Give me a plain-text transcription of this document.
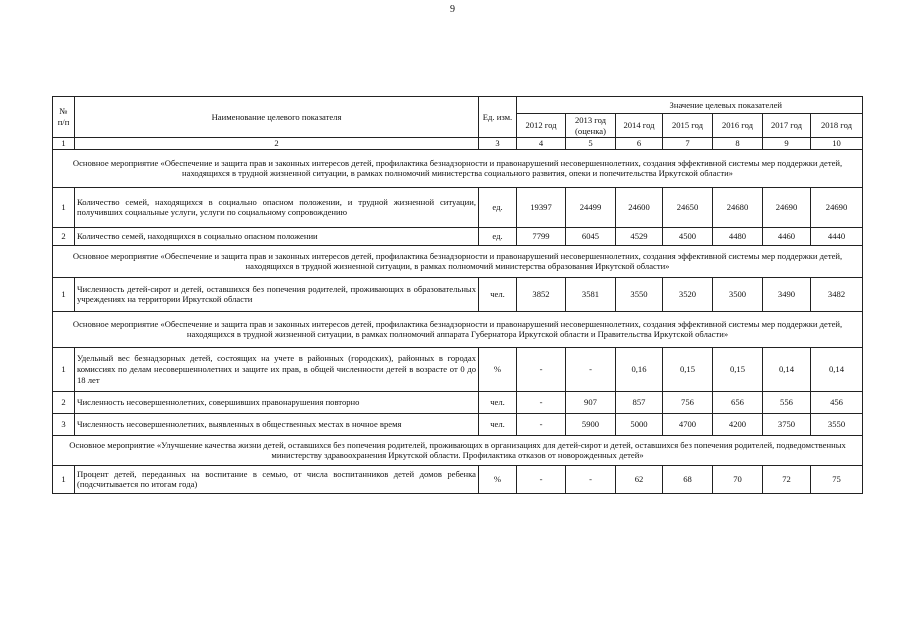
9
№ п/п	Наименование целевого показателя	Ед. изм.	Значение целевых показателей						
			2012 год	2013 год (оценка)	2014 год	2015 год	2016 год	2017 год	2018 год
1	2	3	4	5	6	7	8	9	10
Основное мероприятие «Обеспечение и защита прав и законных интересов детей, профилактика безнадзорности и правонарушений несовершеннолетних, создания эффективной системы мер поддержки детей, находящихся в трудной жизненной ситуации, в рамках полномочий министерства социального развития, опеки и попечительства Иркутской области»									
1	Количество семей, находящихся в социально опасном положении, и трудной жизненной ситуации, получивших социальные услуги, услуги по социальному сопровождению	ед.	19397	24499	24600	24650	24680	24690	24690
2	Количество семей, находящихся в социально опасном положении	ед.	7799	6045	4529	4500	4480	4460	4440
Основное мероприятие «Обеспечение и защита прав и законных интересов детей, профилактика безнадзорности и правонарушений несовершеннолетних, создания эффективной системы мер поддержки детей, находящихся в трудной жизненной ситуации, в рамках полномочий министерства образования Иркутской области»									
1	Численность детей-сирот и детей, оставшихся без попечения родителей, проживающих в образовательных учреждениях на территории Иркутской области	чел.	3852	3581	3550	3520	3500	3490	3482
Основное мероприятие «Обеспечение и защита прав и законных интересов детей, профилактика безнадзорности и правонарушений несовершеннолетних, создания эффективной системы мер поддержки детей, находящихся в трудной жизненной ситуации, в рамках полномочий аппарата Губернатора Иркутской области и Правительства Иркутской области»									
1	Удельный вес безнадзорных детей, состоящих на учете в районных (городских), районных в городах комиссиях по делам несовершеннолетних и защите их прав, в общей численности детей в возрасте от 0 до 18 лет	%	-	-	0,16	0,15	0,15	0,14	0,14
2	Численность несовершеннолетних, совершивших правонарушения повторно	чел.	-	907	857	756	656	556	456
3	Численность несовершеннолетних, выявленных в общественных местах в ночное время	чел.	-	5900	5000	4700	4200	3750	3550
Основное мероприятие «Улучшение качества жизни детей, оставшихся без попечения родителей, проживающих в организациях для детей-сирот и детей, оставшихся без попечения родителей, подведомственных министерству здравоохранения Иркутской области. Профилактика отказов от новорожденных детей»									
1	Процент детей, переданных на воспитание в семью, от числа воспитанников детей домов ребенка (подсчитывается по итогам года)	%	-	-	62	68	70	72	75
